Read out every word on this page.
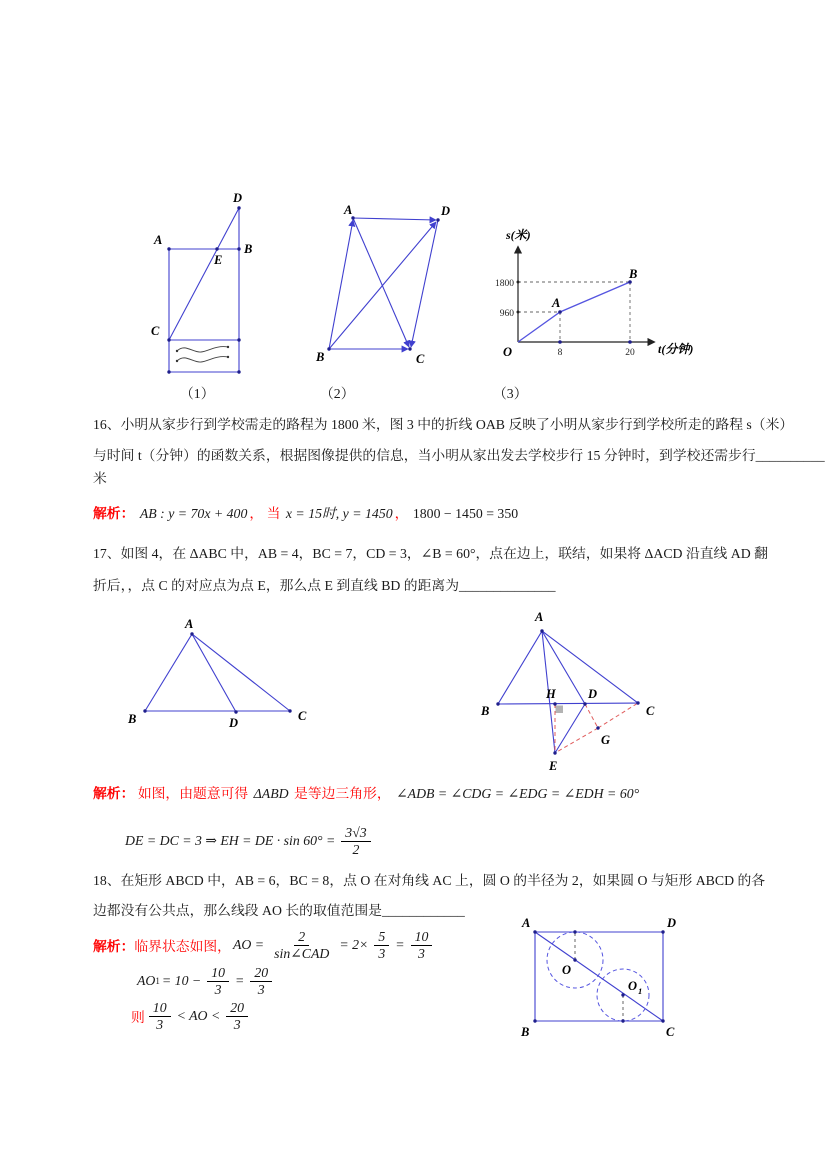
D
A
B
E
C
A	D
B	C
s(米)
t(分钟)
O
A
B
1800
960
8	20
（1）	（2）	（3）
16、小明从家步行到学校需走的路程为 1800 米，图 3 中的折线 OAB 反映了小明从家步行到学校所走的路程 s（米）
与时间 t（分钟）的函数关系，根据图像提供的信息，当小明从家出发去学校步行 15 分钟时，到学校还需步行__________
米
解析： AB : y = 70x + 400 ， 当 x = 15时, y = 1450 ， 1800 − 1450 = 350
17、如图 4，在 ΔABC 中，AB = 4，BC = 7，CD = 3，∠B = 60°，点在边上，联结，如果将 ΔACD 沿直线 AD 翻
折后，，点 C 的对应点为点 E，那么点 E 到直线 BD 的距离为______________
A
B	C
D
A
B	C
H	D
E
G
解析： 如图，由题意可得 ΔABD 是等边三角形， ∠ADB = ∠CDG = ∠EDG = ∠EDH = 60°
DE = DC = 3 ⇒ EH = DE · $\sin 60^\circ = \frac{3√3}{2}$
18、在矩形 ABCD 中，AB = 6，BC = 8，点 O 在对角线 AC 上，圆 O 的半径为 2，如果圆 O 与矩形 ABCD 的各
边都没有公共点，那么线段 AO 长的取值范围是____________
解析： 临界状态如图， AO = $\frac{2}{\text{sin∠CAD}} = 2\times \frac{5}{3} = \frac{10}{3}$
AO $1 = 10 - \frac{10}{3} = \frac{20}{3}$
则 $\frac{10}{3}$ < AO < $\frac{20}{3}$
A	D
B	C
O
O 1
